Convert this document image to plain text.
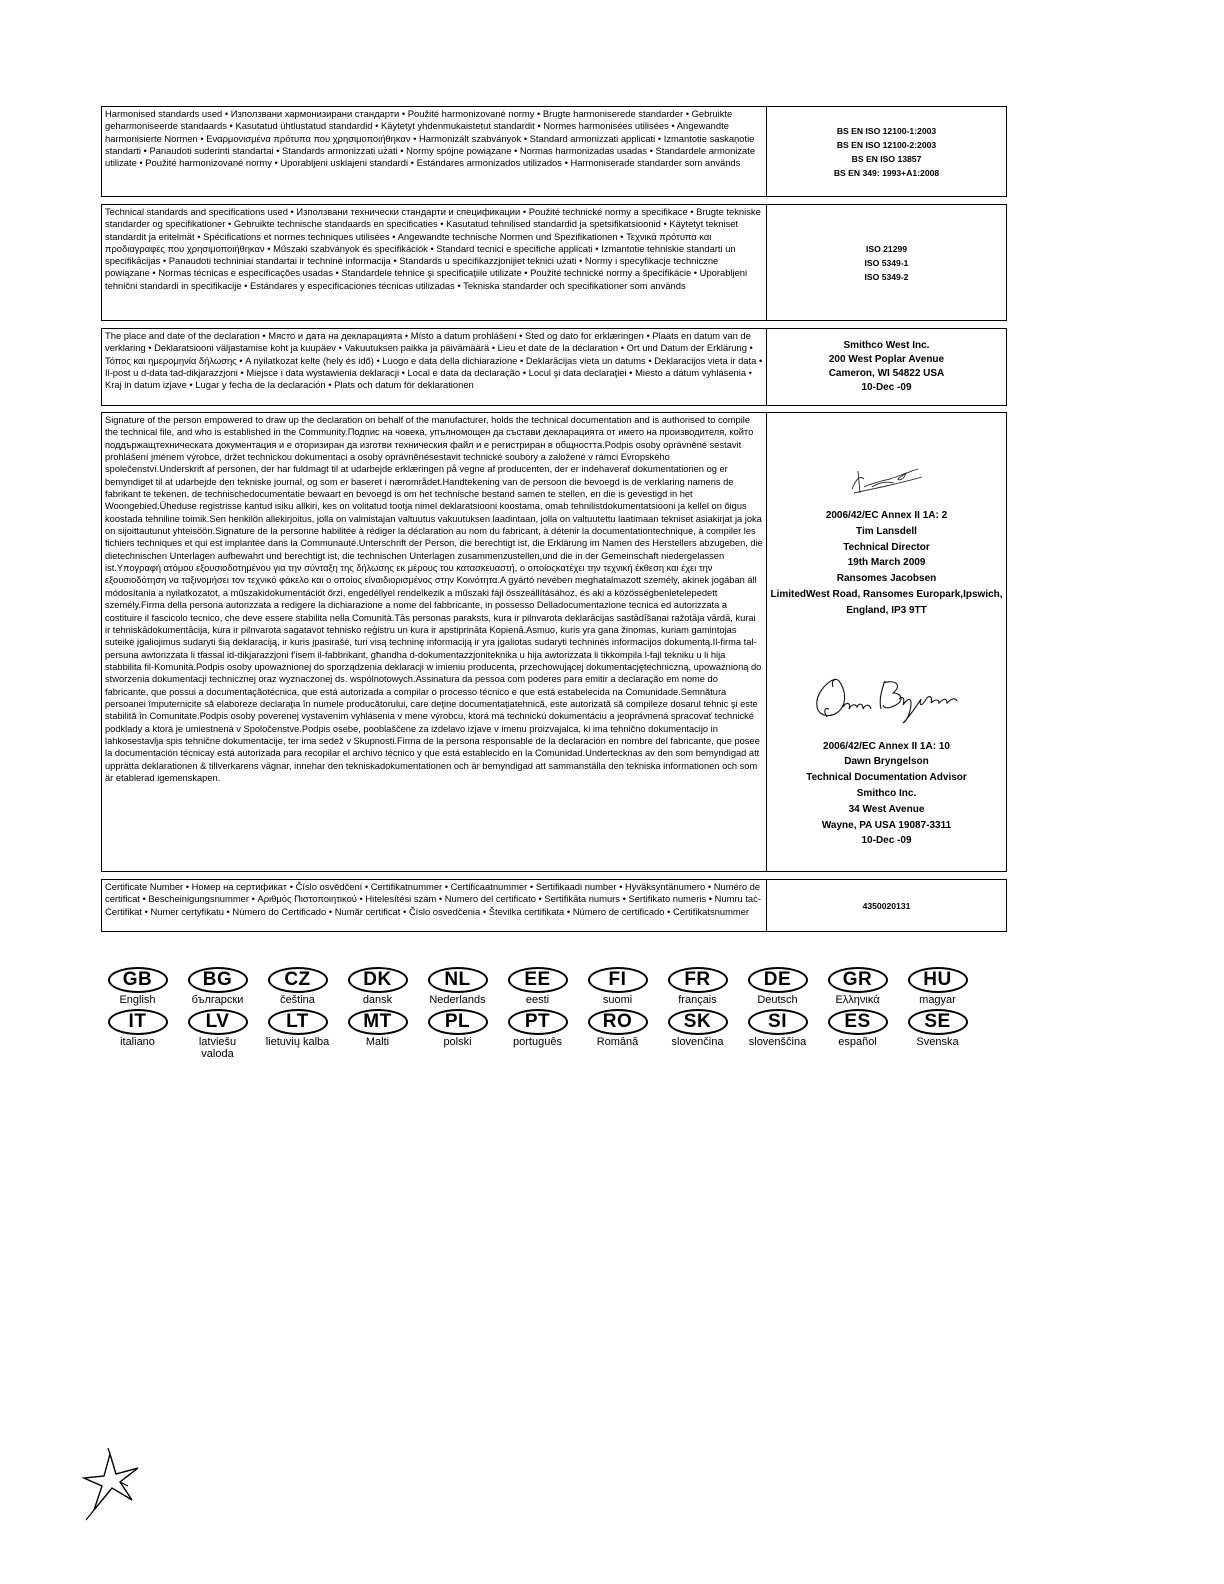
Harmonised standards used • Използвани хармонизирани стандарти • Použité harmonizované normy • Brugte harmoniserede standarder • Gebruikte geharmoniseerde standaards • Kasutatud ühtlustatud standardid • Käytetyt yhdenmukaistetut standardit • Normes harmonisées utilisées • Angewandte harmonisierte Normen • Εναρμονισμένα πρότυπα που χρησιμοποιήθηκαν • Harmonizált szabványok • Standard armonizzati applicati • Izmantotie saskaņotie standarti • Panaudoti suderinti standartai • Standards armonizzati użati • Normy spójne powiązane • Normas harmonizadas usadas • Standardele armonizate utilizate • Použité harmonizované normy • Uporabljeni usklajeni standardi • Estándares armonizados utilizados • Harmoniserade standarder som används
BS EN ISO 12100-1:2003
BS EN ISO 12100-2:2003
BS EN ISO 13857
BS EN 349: 1993+A1:2008
Technical standards and specifications used • Използвани технически стандарти и спецификации • Použité technické normy a specifikace • Brugte tekniske standarder og specifikationer • Gebruikte technische standaards en specificaties • Kasutatud tehnilised standardid ja spetsifikatsioonid • Käytetyt tekniset standardit ja eritelmät • Spécifications et normes techniques utilisées • Angewandte technische Normen und Spezifikationen • Τεχνικά πρότυπα και προδιαγραφές που χρησιμοποιήθηκαν • Műszaki szabványok és specifikációk • Standard tecnici e specifiche applicati • Izmantotie tehniskie standarti un specifikācijas • Panaudoti techniniai standartai ir techninė informacija • Standards u speċifikazzjonijiet tekniċi użati • Normy i specyfikacje techniczne powiązane • Normas técnicas e especificações usadas • Standardele tehnice şi specificaţiile utilizate • Použité technické normy a špecifikácie • Uporabljeni tehnični standardi in specifikacije • Estándares y especificaciones técnicas utilizadas • Tekniska standarder och specifikationer som används
ISO 21299
ISO 5349-1
ISO 5349-2
The place and date of the declaration • Място и дата на декларацията • Místo a datum prohlášení • Sted og dato for erklæringen • Plaats en datum van de verklaring • Deklaratsiooni väljastamise koht ja kuupäev • Vakuutuksen paikka ja päivämäärä • Lieu et date de la déclaration • Ort und Datum der Erklärung • Τόπος και ημερομηνία δήλωσης • A nyilatkozat kelte (hely és idő) • Luogo e data della dichiarazione • Deklarācijas vieta un datums • Deklaracijos vieta ir data • Il-post u d-data tad-dikjarazzjoni • Miejsce i data wystawienia deklaracji • Local e data da declaração • Locul şi data declaraţiei • Miesto a dátum vyhlásenia • Kraj in datum izjave • Lugar y fecha de la declaración • Plats och datum för deklarationen
Smithco West Inc.
200 West Poplar Avenue
Cameron, WI 54822 USA
10-Dec -09
Signature of the person empowered to draw up the declaration on behalf of the manufacturer, holds the technical documentation and is authorised to compile the technical file, and who is established in the Community.Подпис на човека, упълномощен да състави декларацията от името на производителя, който поддържащтехническата документация и е оторизиран да изготви техническия файл и е регистриран в общността.Podpis osoby oprávněné sestavit prohlášení jménem výrobce, držet technickou dokumentaci a osoby oprávněnésestavit technické soubory a založené v rámci Evropského společenství.Underskrift af personen, der har fuldmagt til at udarbejde erklæringen på vegne af producenten, der er indehaveraf dokumentationen og er bemyndiget til at udarbejde den tekniske journal, og som er baseret i nærområdet.Handtekening van de persoon die bevoegd is de verklaring namens de fabrikant te tekenen, de technischedocumentatie bewaart en bevoegd is om het technische bestand samen te stellen, en die is gevestigd in het Woongebied.Üheduse registrisse kantud isiku allkiri, kes on volitatud tootja nimel deklaratsiooni koostama, omab tehnilistdokumentatsiooni ja kellel on õigus koostada tehniline toimik.Sen henkilön allekirjoitus, jolla on valmistajan valtuutus vakuutuksen laadintaan, jolla on valtuutettu laatimaan tekniset asiakirjat ja joka on sijoittautunut yhteisöön.Signature de la personne habilitée à rédiger la déclaration au nom du fabricant, à détenir la documentationtechnique, à compiler les fichiers techniques et qui est implantée dans la Communauté.Unterschrift der Person, die berechtigt ist, die Erklärung im Namen des Herstellers abzugeben, die dietechnischen Unterlagen aufbewahrt und berechtigt ist, die technischen Unterlagen zusammenzustellen,und die in der Gemeinschaft niedergelassen ist.Υπογραφή ατόμου εξουσιοδοτημένου για την σύνταξη της δήλωσης εκ μέρους του κατασκευαστή, ο οποίοςκατέχει την τεχνική έκθεση και έχει την εξουσιοδότηση να ταξινομήσει τον τεχνικό φάκελο και ο οποίος είναιδιορισμένος στην Κοινότητα.A gyártó nevében meghatalmazott személy, akinek jogában áll módosítania a nyilatkozatot, a műszakidokumentációt őrzi, engedéllyel rendelkezik a műszaki fájl összeállításához, és aki a közösségbenletelepedett személy.Firma della persona autorizzata a redigere la dichiarazione a nome del fabbricante, in possesso Delladocumentazione tecnica ed autorizzata a costituire il fascicolo tecnico, che deve essere stabilita nella Comunità.Tās personas paraksts, kura ir pilnvarota deklarācijas sastādīšanai ražotāja vārdā, kurai ir tehniskādokumentācija, kura ir pilnvarota sagatavot tehnisko reģistru un kura ir apstiprināta Kopienā.Asmuo, kuris yra gana žinomas, kuriam gamintojas suteikė įgaliojimus sudaryti šią deklaraciją, ir kuris įpasirašė, turi visą techninę informaciją ir yra įgaliotas sudaryti techninės informacijos dokumentą.Il-firma tal-persuna awtorizzata li tfassal id-dikjarazzjoni f'isem il-fabbrikant, għandha d-dokumentazzjoniteknika u hija awtorizzata li tikkompila l-fajl tekniku u li hija stabbilita fil-Komunità.Podpis osoby upoważnionej do sporządzenia deklaracji w imieniu producenta, przechowującej dokumentacjętechniczną, upoważnioną do stworzenia dokumentacji technicznej oraz wyznaczonej ds. wspólnotowych.Assinatura da pessoa com poderes para emitir a declaração em nome do fabricante, que possui a documentaçãotécnica, que está autorizada a compilar o processo técnico e que está estabelecida na Comunidade.Semnătura persoanei împuternicite să elaboreze declaraţia în numele producătorului, care deţine documentaţiatehnică, este autorizată să compileze dosarul tehnic şi este stabilită în Comunitate.Podpis osoby poverenej vystavením vyhlásenia v mene výrobcu, ktorá má technickú dokumentáciu a jeoprávnená spracovať technické podklady a ktorá je umiestnená v Spoločenstve.Podpis osebe, pooblaščene za izdelavo izjave v imenu proizvajalca, ki ima tehnično dokumentacijo in lahkosestavlja spis tehnične dokumentacije, ter ima sedež v Skupnosti.Firma de la persona responsable de la declaración en nombre del fabricante, que posee la documentación técnicay está autorizada para recopilar el archivo técnico y que está establecido en la Comunidad.Undertecknas av den som bemyndigad att upprätta deklarationen & tillverkarens vägnar, innehar den tekniskadokumentationen och är bemyndigad att sammanställa den tekniska informationen och som är etablerad igemenskapen.
2006/42/EC Annex II 1A: 2
Tim Lansdell
Technical Director
19th March 2009
Ransomes Jacobsen
LimitedWest Road, Ransomes Europark,Ipswich,
England, IP3 9TT
2006/42/EC Annex II 1A: 10
Dawn Bryngelson
Technical Documentation Advisor
Smithco Inc.
34 West Avenue
Wayne, PA USA 19087-3311
10-Dec -09
Certificate Number • Номер на сертификат • Číslo osvědčení • Certifikatnummer • Certificaatnummer • Sertifikaadi number • Hyväksyntänumero • Numéro de certificat • Bescheinigungsnummer • Αριθμός Πιστοποιητικού • Hitelesítési szám • Numero del certificato • Sertifikāta numurs • Sertifikato numeris • Numru taċ-Ċertifikat • Numer certyfikatu • Número do Certificado • Număr certificat • Číslo osvedčenia • Številka certifikata • Número de certificado • Certifikatsnummer
4350020131
GB
English
BG
български
CZ
čeština
DK
dansk
NL
Nederlands
EE
eesti
FI
suomi
FR
français
DE
Deutsch
GR
Ελληνικά
HU
magyar
IT
italiano
LV
latviešu valoda
LT
lietuvių kalba
MT
Malti
PL
polski
PT
português
RO
Română
SK
slovenčina
SI
slovenščina
ES
español
SE
Svenska
